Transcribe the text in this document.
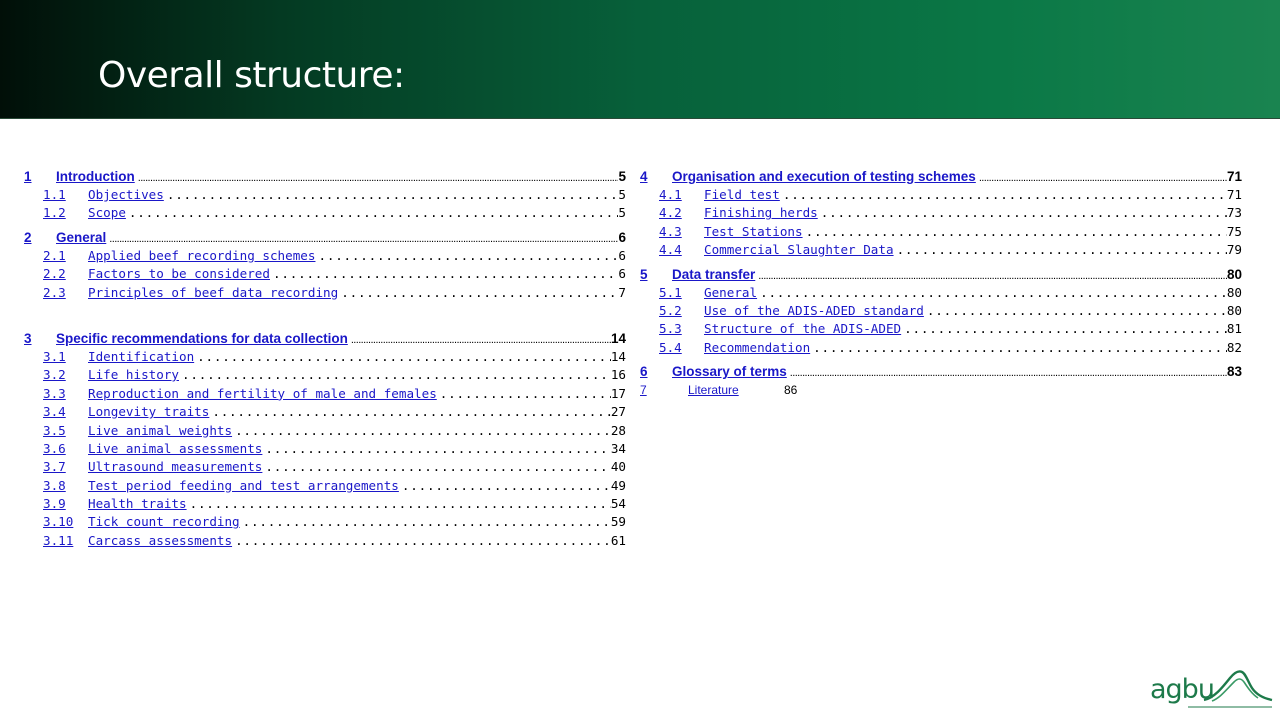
Overall structure:
1	Introduction .....	5
1.1	Objectives . . .	5
1.2	Scope . . .	5
2	General .....	6
2.1	Applied beef recording schemes . . .	6
2.2	Factors to be considered . . .	6
2.3	Principles of beef data recording . . .	7
3	Specific recommendations for data collection .....	14
3.1	Identification . . .	14
3.2	Life history . . .	16
3.3	Reproduction and fertility of male and females . . .	17
3.4	Longevity traits . . .	27
3.5	Live animal weights . . .	28
3.6	Live animal assessments . . .	34
3.7	Ultrasound measurements . . .	40
3.8	Test period feeding and test arrangements . . .	49
3.9	Health traits . . .	54
3.10	Tick count recording . . .	59
3.11	Carcass assessments . . .	61
4	Organisation and execution of testing schemes .....	71
4.1	Field test . . .	71
4.2	Finishing herds . . .	73
4.3	Test Stations . . .	75
4.4	Commercial Slaughter Data . . .	79
5	Data transfer .....	80
5.1	General . . .	80
5.2	Use of the ADIS-ADED standard . . .	80
5.3	Structure of the ADIS-ADED . . .	81
5.4	Recommendation . . .	82
6	Glossary of terms .....	83
7	Literature	86
agbu
